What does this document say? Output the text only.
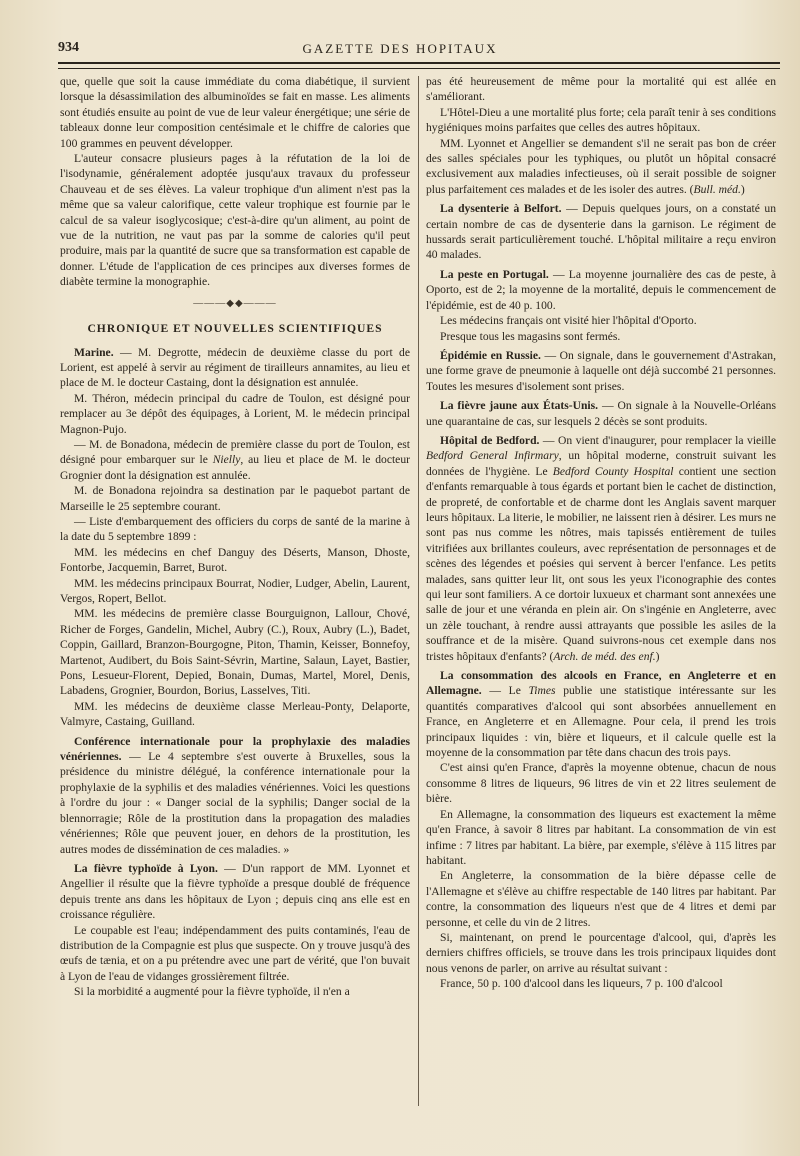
934	GAZETTE DES HOPITAUX

que, quelle que soit la cause immédiate du coma diabétique, il survient lorsque la désassimilation des albuminoïdes se fait en masse. Les aliments sont étudiés ensuite au point de vue de leur valeur énergétique; une série de tableaux donne leur composition centésimale et le chiffre de calories que 100 grammes en peuvent développer.

L'auteur consacre plusieurs pages à la réfutation de la loi de l'isodynamie, généralement adoptée jusqu'aux travaux du professeur Chauveau et de ses élèves. La valeur trophique d'un aliment n'est pas la même que sa valeur calorifique, cette valeur trophique est fournie par le calcul de sa valeur isoglycosique; c'est-à-dire qu'un aliment, au point de vue de la nutrition, ne vaut pas par la somme de calories qu'il peut produire, mais par la quantité de sucre que sa transformation est capable de donner. L'étude de l'application de ces principes aux diverses formes de diabète termine la monographie.

———◆◆———
CHRONIQUE ET NOUVELLES SCIENTIFIQUES

Marine. — M. Degrotte, médecin de deuxième classe du port de Lorient, est appelé à servir au régiment de tirailleurs annamites, au lieu et place de M. le docteur Castaing, dont la désignation est annulée.

M. Théron, médecin principal du cadre de Toulon, est désigné pour remplacer au 3e dépôt des équipages, à Lorient, M. le médecin principal Magnon-Pujo.

— M. de Bonadona, médecin de première classe du port de Toulon, est désigné pour embarquer sur le Nielly, au lieu et place de M. le docteur Grognier dont la désignation est annulée.

M. de Bonadona rejoindra sa destination par le paquebot partant de Marseille le 25 septembre courant.

— Liste d'embarquement des officiers du corps de santé de la marine à la date du 5 septembre 1899 :

MM. les médecins en chef Danguy des Déserts, Manson, Dhoste, Fontorbe, Jacquemin, Barret, Burot.

MM. les médecins principaux Bourrat, Nodier, Ludger, Abelin, Laurent, Vergos, Ropert, Bellot.

MM. les médecins de première classe Bourguignon, Lallour, Chové, Richer de Forges, Gandelin, Michel, Aubry (C.), Roux, Aubry (L.), Badet, Coppin, Gaillard, Branzon-Bourgogne, Piton, Thamin, Keisser, Bonnefoy, Martenot, Audibert, du Bois Saint-Sévrin, Martine, Salaun, Layet, Bastier, Pons, Lesueur-Florent, Depied, Bonain, Dumas, Martel, Morel, Denis, Labadens, Grognier, Bourdon, Borius, Lasselves, Titi.

MM. les médecins de deuxième classe Merleau-Ponty, Delaporte, Valmyre, Castaing, Guilland.

Conférence internationale pour la prophylaxie des maladies vénériennes. — Le 4 septembre s'est ouverte à Bruxelles, sous la présidence du ministre délégué, la conférence internationale pour la prophylaxie de la syphilis et des maladies vénériennes. Voici les questions à l'ordre du jour : « Danger social de la syphilis; Danger social de la blennorragie; Rôle de la prostitution dans la propagation des maladies vénériennes; Rôle que peuvent jouer, en dehors de la prostitution, les autres modes de dissémination de ces maladies. »

La fièvre typhoïde à Lyon. — D'un rapport de MM. Lyonnet et Angellier il résulte que la fièvre typhoïde a presque doublé de fréquence depuis trente ans dans les hôpitaux de Lyon ; depuis cinq ans elle est en croissance régulière.

Le coupable est l'eau; indépendamment des puits contaminés, l'eau de distribution de la Compagnie est plus que suspecte. On y trouve jusqu'à des œufs de tænia, et on a pu prétendre avec une part de vérité, que l'on buvait à Lyon de l'eau de vidanges grossièrement filtrée.

Si la morbidité a augmenté pour la fièvre typhoïde, il n'en a

pas été heureusement de même pour la mortalité qui est allée en s'améliorant.

L'Hôtel-Dieu a une mortalité plus forte; cela paraît tenir à ses conditions hygiéniques moins parfaites que celles des autres hôpitaux.

MM. Lyonnet et Angellier se demandent s'il ne serait pas bon de créer des salles spéciales pour les typhiques, ou plutôt un hôpital consacré exclusivement aux maladies infectieuses, où il serait possible de soigner plus parfaitement ces malades et de les isoler des autres. (Bull. méd.)

La dysenterie à Belfort. — Depuis quelques jours, on a constaté un certain nombre de cas de dysenterie dans la garnison. Le régiment de hussards serait particulièrement touché. L'hôpital militaire a reçu environ 40 malades.

La peste en Portugal. — La moyenne journalière des cas de peste, à Oporto, est de 2; la moyenne de la mortalité, depuis le commencement de l'épidémie, est de 40 p. 100.

Les médecins français ont visité hier l'hôpital d'Oporto.

Presque tous les magasins sont fermés.

Épidémie en Russie. — On signale, dans le gouvernement d'Astrakan, une forme grave de pneumonie à laquelle ont déjà succombé 21 personnes. Toutes les mesures d'isolement sont prises.

La fièvre jaune aux États-Unis. — On signale à la Nouvelle-Orléans une quarantaine de cas, sur lesquels 2 décès se sont produits.

Hôpital de Bedford. — On vient d'inaugurer, pour remplacer la vieille Bedford General Infirmary, un hôpital moderne, construit suivant les données de l'hygiène. Le Bedford County Hospital contient une section d'enfants remarquable à tous égards et portant bien le cachet de distinction, de propreté, de confortable et de charme dont les Anglais savent marquer leurs hôpitaux. La literie, le mobilier, ne laissent rien à désirer. Les murs ne sont pas nus comme les nôtres, mais tapissés entièrement de tuiles vitrifiées aux brillantes couleurs, avec représentation de personnages et de scènes des légendes et poésies qui servent à bercer l'enfance. Les petits malades, sans quitter leur lit, ont sous les yeux l'iconographie des contes qui leur sont familiers. A ce dortoir luxueux et charmant sont annexées une salle de jour et une véranda en plein air. On s'ingénie en Angleterre, avec un zèle touchant, à rendre aussi attrayants que possible les asiles de la souffrance et de la misère. Quand suivrons-nous cet exemple dans nos tristes hôpitaux d'enfants? (Arch. de méd. des enf.)

La consommation des alcools en France, en Angleterre et en Allemagne. — Le Times publie une statistique intéressante sur les quantités comparatives d'alcool qui sont absorbées annuellement en France, en Angleterre et en Allemagne. Pour cela, il prend les trois principaux liquides : vin, bière et liqueurs, et il calcule quelle est la moyenne de la consommation par tête dans chacun des trois pays.

C'est ainsi qu'en France, d'après la moyenne obtenue, chacun de nous consomme 8 litres de liqueurs, 96 litres de vin et 22 litres seulement de bière.

En Allemagne, la consommation des liqueurs est exactement la même qu'en France, à savoir 8 litres par habitant. La consommation de vin est infime : 7 litres par habitant. La bière, par exemple, s'élève à 115 litres par habitant.

En Angleterre, la consommation de la bière dépasse celle de l'Allemagne et s'élève au chiffre respectable de 140 litres par habitant. Par contre, la consommation des liqueurs n'est que de 4 litres et demi par personne, et celle du vin de 2 litres.

Si, maintenant, on prend le pourcentage d'alcool, qui, d'après les derniers chiffres officiels, se trouve dans les trois principaux liquides dont nous venons de parler, on arrive au résultat suivant :

France, 50 p. 100 d'alcool dans les liqueurs, 7 p. 100 d'alcool
